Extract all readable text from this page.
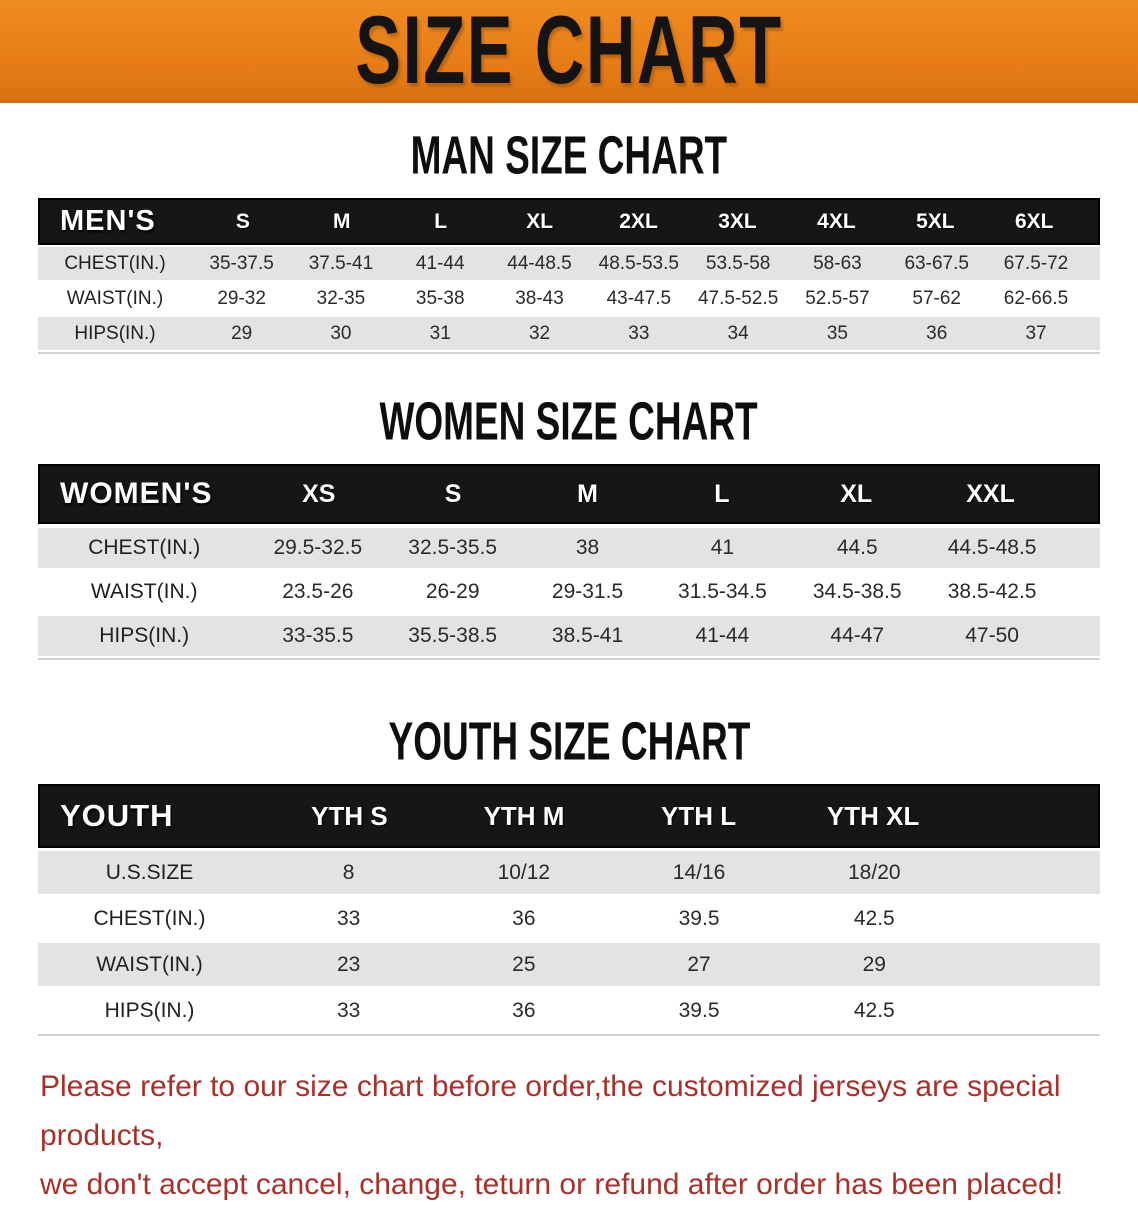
SIZE CHART
MAN SIZE CHART
MEN'S	S	M	L	XL	2XL	3XL	4XL	5XL	6XL
CHEST(IN.)	35-37.5	37.5-41	41-44	44-48.5	48.5-53.5	53.5-58	58-63	63-67.5	67.5-72
WAIST(IN.)	29-32	32-35	35-38	38-43	43-47.5	47.5-52.5	52.5-57	57-62	62-66.5
HIPS(IN.)	29	30	31	32	33	34	35	36	37
WOMEN SIZE CHART
WOMEN'S	XS	S	M	L	XL	XXL
CHEST(IN.)	29.5-32.5	32.5-35.5	38	41	44.5	44.5-48.5
WAIST(IN.)	23.5-26	26-29	29-31.5	31.5-34.5	34.5-38.5	38.5-42.5
HIPS(IN.)	33-35.5	35.5-38.5	38.5-41	41-44	44-47	47-50
YOUTH SIZE CHART
YOUTH	YTH S	YTH M	YTH L	YTH XL
U.S.SIZE	8	10/12	14/16	18/20
CHEST(IN.)	33	36	39.5	42.5
WAIST(IN.)	23	25	27	29
HIPS(IN.)	33	36	39.5	42.5

Please refer to our size chart before order,the customized jerseys are special products,
we don't accept cancel, change, teturn or refund after order has been placed!
